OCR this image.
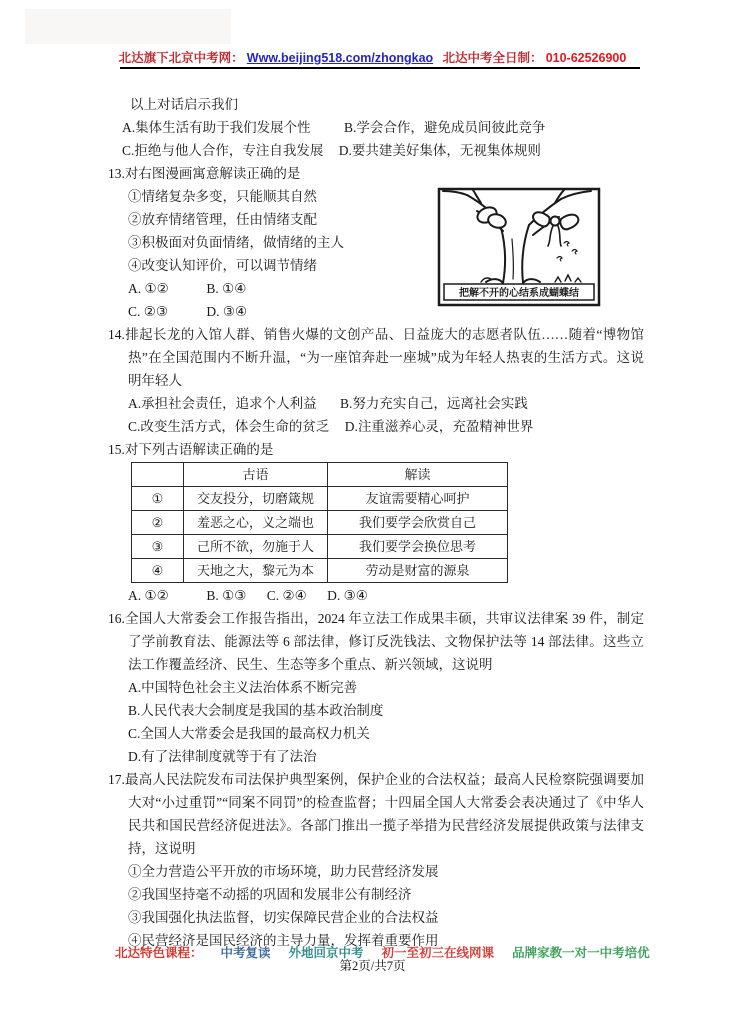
北达旗下北京中考网： Www.beijing518.com/zhongkao 北达中考全日制： 010-62526900

以上对话启示我们

A.集体生活有助于我们发展个性 B.学会合作，避免成员间彼此竞争

C.拒绝与他人合作，专注自我发展 D.要共建美好集体，无视集体规则

把解不开的心结系成蝴蝶结

13.对右图漫画寓意解读正确的是

①情绪复杂多变，只能顺其自然

②放弃情绪管理，任由情绪支配

③积极面对负面情绪，做情绪的主人

④改变认知评价，可以调节情绪

A. ①②	B. ①④

C. ②③	D. ③④

14.排起长龙的入馆人群、销售火爆的文创产品、日益庞大的志愿者队伍……随着“博物馆热”在全国范围内不断升温，“为一座馆奔赴一座城”成为年轻人热衷的生活方式。这说明年轻人

A.承担社会责任，追求个人利益 B.努力充实自己，远离社会实践

C.改变生活方式，体会生命的贫乏 D.注重滋养心灵，充盈精神世界

15.对下列古语解读正确的是

	古语	解读
①	交友投分，切磨箴规	友谊需要精心呵护
②	羞恶之心，义之端也	我们要学会欣赏自己
③	己所不欲，勿施于人	我们要学会换位思考
④	天地之大，黎元为本	劳动是财富的源泉

A. ①②	B. ①③ C. ②④ D. ③④

16.全国人大常委会工作报告指出，2024 年立法工作成果丰硕，共审议法律案 39 件，制定了学前教育法、能源法等 6 部法律，修订反洗钱法、文物保护法等 14 部法律。这些立法工作覆盖经济、民生、生态等多个重点、新兴领域，这说明

A.中国特色社会主义法治体系不断完善

B.人民代表大会制度是我国的基本政治制度

C.全国人大常委会是我国的最高权力机关

D.有了法律制度就等于有了法治

17.最高人民法院发布司法保护典型案例，保护企业的合法权益；最高人民检察院强调要加大对“小过重罚”“同案不同罚”的检查监督；十四届全国人大常委会表决通过了《中华人民共和国民营经济促进法》。各部门推出一揽子举措为民营经济发展提供政策与法律支持，这说明

①全力营造公平开放的市场环境，助力民营经济发展

②我国坚持毫不动摇的巩固和发展非公有制经济

③我国强化执法监督，切实保障民营企业的合法权益

④民营经济是国民经济的主导力量，发挥着重要作用

北达特色课程： 中考复读 外地回京中考 初一至初三在线网课 品牌家教一对一中考培优
第2页/共7页
